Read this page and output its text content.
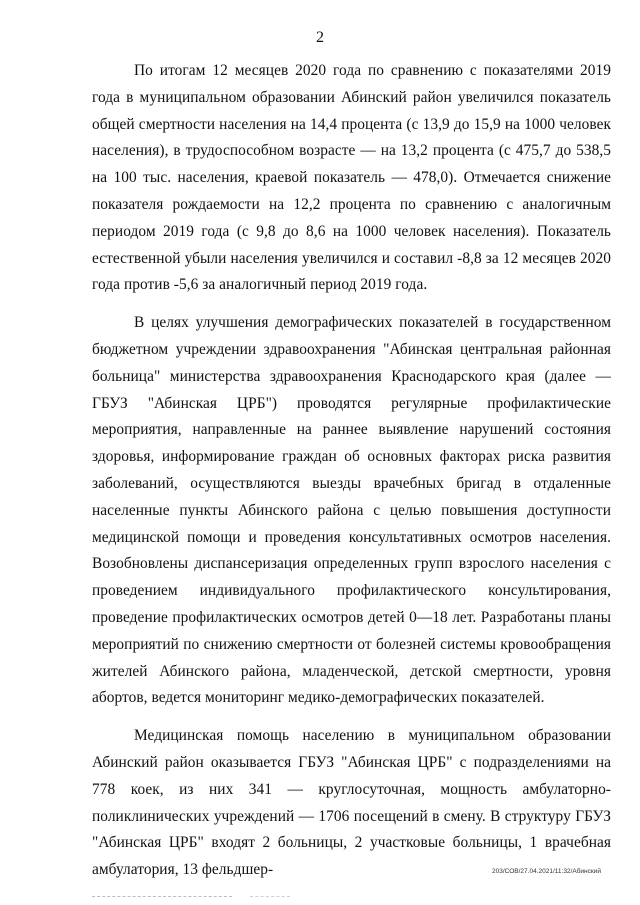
2

По итогам 12 месяцев 2020 года по сравнению с показателями 2019 года в муниципальном образовании Абинский район увеличился показатель общей смертности населения на 14,4 процента (с 13,9 до 15,9 на 1000 человек населения), в трудоспособном возрасте — на 13,2 процента (с 475,7 до 538,5 на 100 тыс. населения, краевой показатель — 478,0). Отмечается снижение показателя рождаемости на 12,2 процента по сравнению с аналогичным периодом 2019 года (с 9,8 до 8,6 на 1000 человек населения). Показатель естественной убыли населения увеличился и составил -8,8 за 12 месяцев 2020 года против -5,6 за аналогичный период 2019 года.

В целях улучшения демографических показателей в государственном бюджетном учреждении здравоохранения "Абинская центральная районная больница" министерства здравоохранения Краснодарского края (далее — ГБУЗ "Абинская ЦРБ") проводятся регулярные профилактические мероприятия, направленные на раннее выявление нарушений состояния здоровья, информирование граждан об основных факторах риска развития заболеваний, осуществляются выезды врачебных бригад в отдаленные населенные пункты Абинского района с целью повышения доступности медицинской помощи и проведения консультативных осмотров населения. Возобновлены диспансеризация определенных групп взрослого населения с проведением индивидуального профилактического консультирования, проведение профилактических осмотров детей 0—18 лет. Разработаны планы мероприятий по снижению смертности от болезней системы кровообращения жителей Абинского района, младенческой, детской смертности, уровня абортов, ведется мониторинг медико-демографических показателей.

Медицинская помощь населению в муниципальном образовании Абинский район оказывается ГБУЗ "Абинская ЦРБ" с подразделениями на 778 коек, из них 341 — круглосуточная, мощность амбулаторно-поликлинических учреждений — 1706 посещений в смену. В структуру ГБУЗ "Абинская ЦРБ" входят 2 больницы, 2 участковые больницы, 1 врачебная амбулатория, 13 фельдшер-	203/СОВ/27.04.2021/11:32/Абинский
